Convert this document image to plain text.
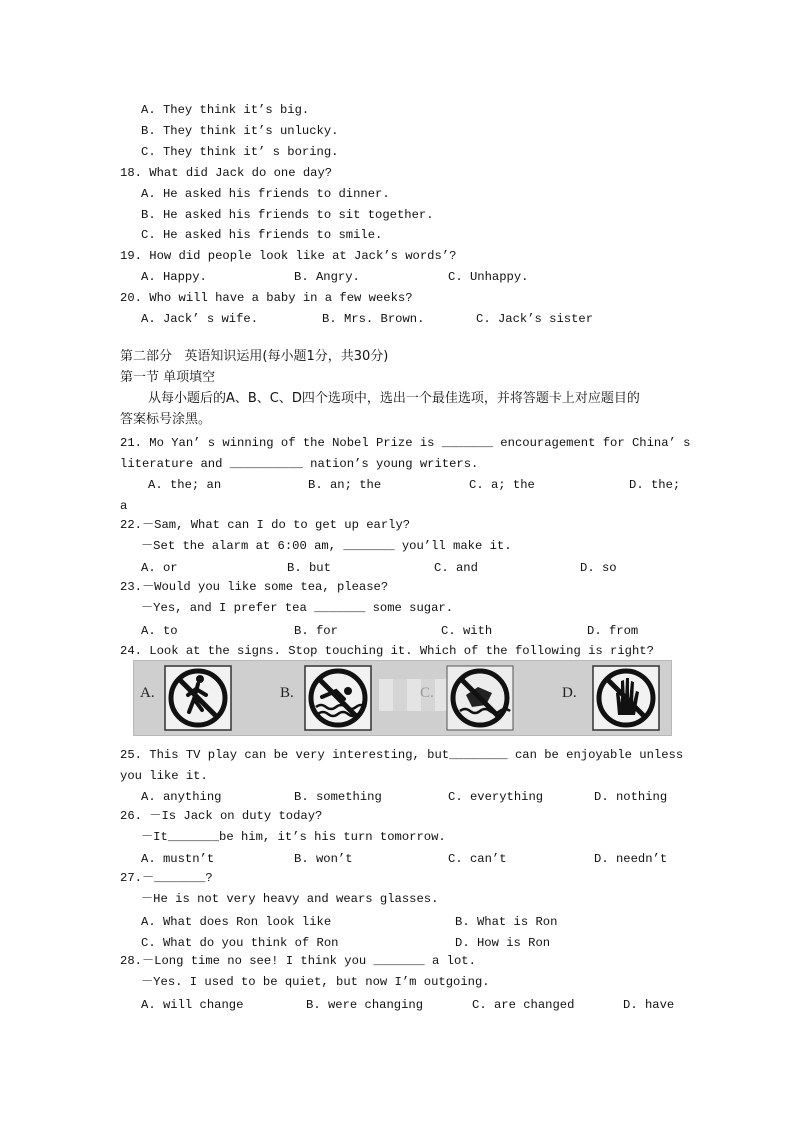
A. They think it’s big.
B. They think it’s unlucky.
C. They think it’ s boring.
18. What did Jack do one day?
A. He asked his friends to dinner.
B. He asked his friends to sit together.
C. He asked his friends to smile.
19. How did people look like at Jack’s words’?
A. Happy.	B. Angry.	C. Unhappy.
20. Who will have a baby in a few weeks?
A. Jack’ s wife.	B. Mrs. Brown.	C. Jack’s sister
第二部分   英语知识运用(每小题1分，共30分)
第一节 单项填空
从每小题后的A、B、C、D四个选项中，选出一个最佳选项，并将答题卡上对应题目的
答案标号涂黑。
21. Mo Yan’ s winning of the Nobel Prize is _______ encouragement for China’ s
literature and __________ nation’s young writers.
A. the; an	B. an; the	C. a; the	D. the;
a
22.－Sam, What can I do to get up early?
－Set the alarm at 6:00 am, _______ you’ll make it.
A. or	B. but	C. and	D. so
23.－Would you like some tea, please?
－Yes, and I prefer tea _______ some sugar.
A. to	B. for	C. with	D. from
24. Look at the signs. Stop touching it. Which of the following is right?
A.	B.	C.	D.
25. This TV play can be very interesting, but________ can be enjoyable unless
you like it.
A. anything	B. something	C. everything	D. nothing
26. －Is Jack on duty today?
－It_______be him, it’s his turn tomorrow.
A. mustn’t	B. won’t	C. can’t	D. needn’t
27.－_______?
－He is not very heavy and wears glasses.
A. What does Ron look like	B. What is Ron
C. What do you think of Ron	D. How is Ron
28.－Long time no see! I think you _______ a lot.
－Yes. I used to be quiet, but now I’m outgoing.
A. will change	B. were changing	C. are changed	D. have
